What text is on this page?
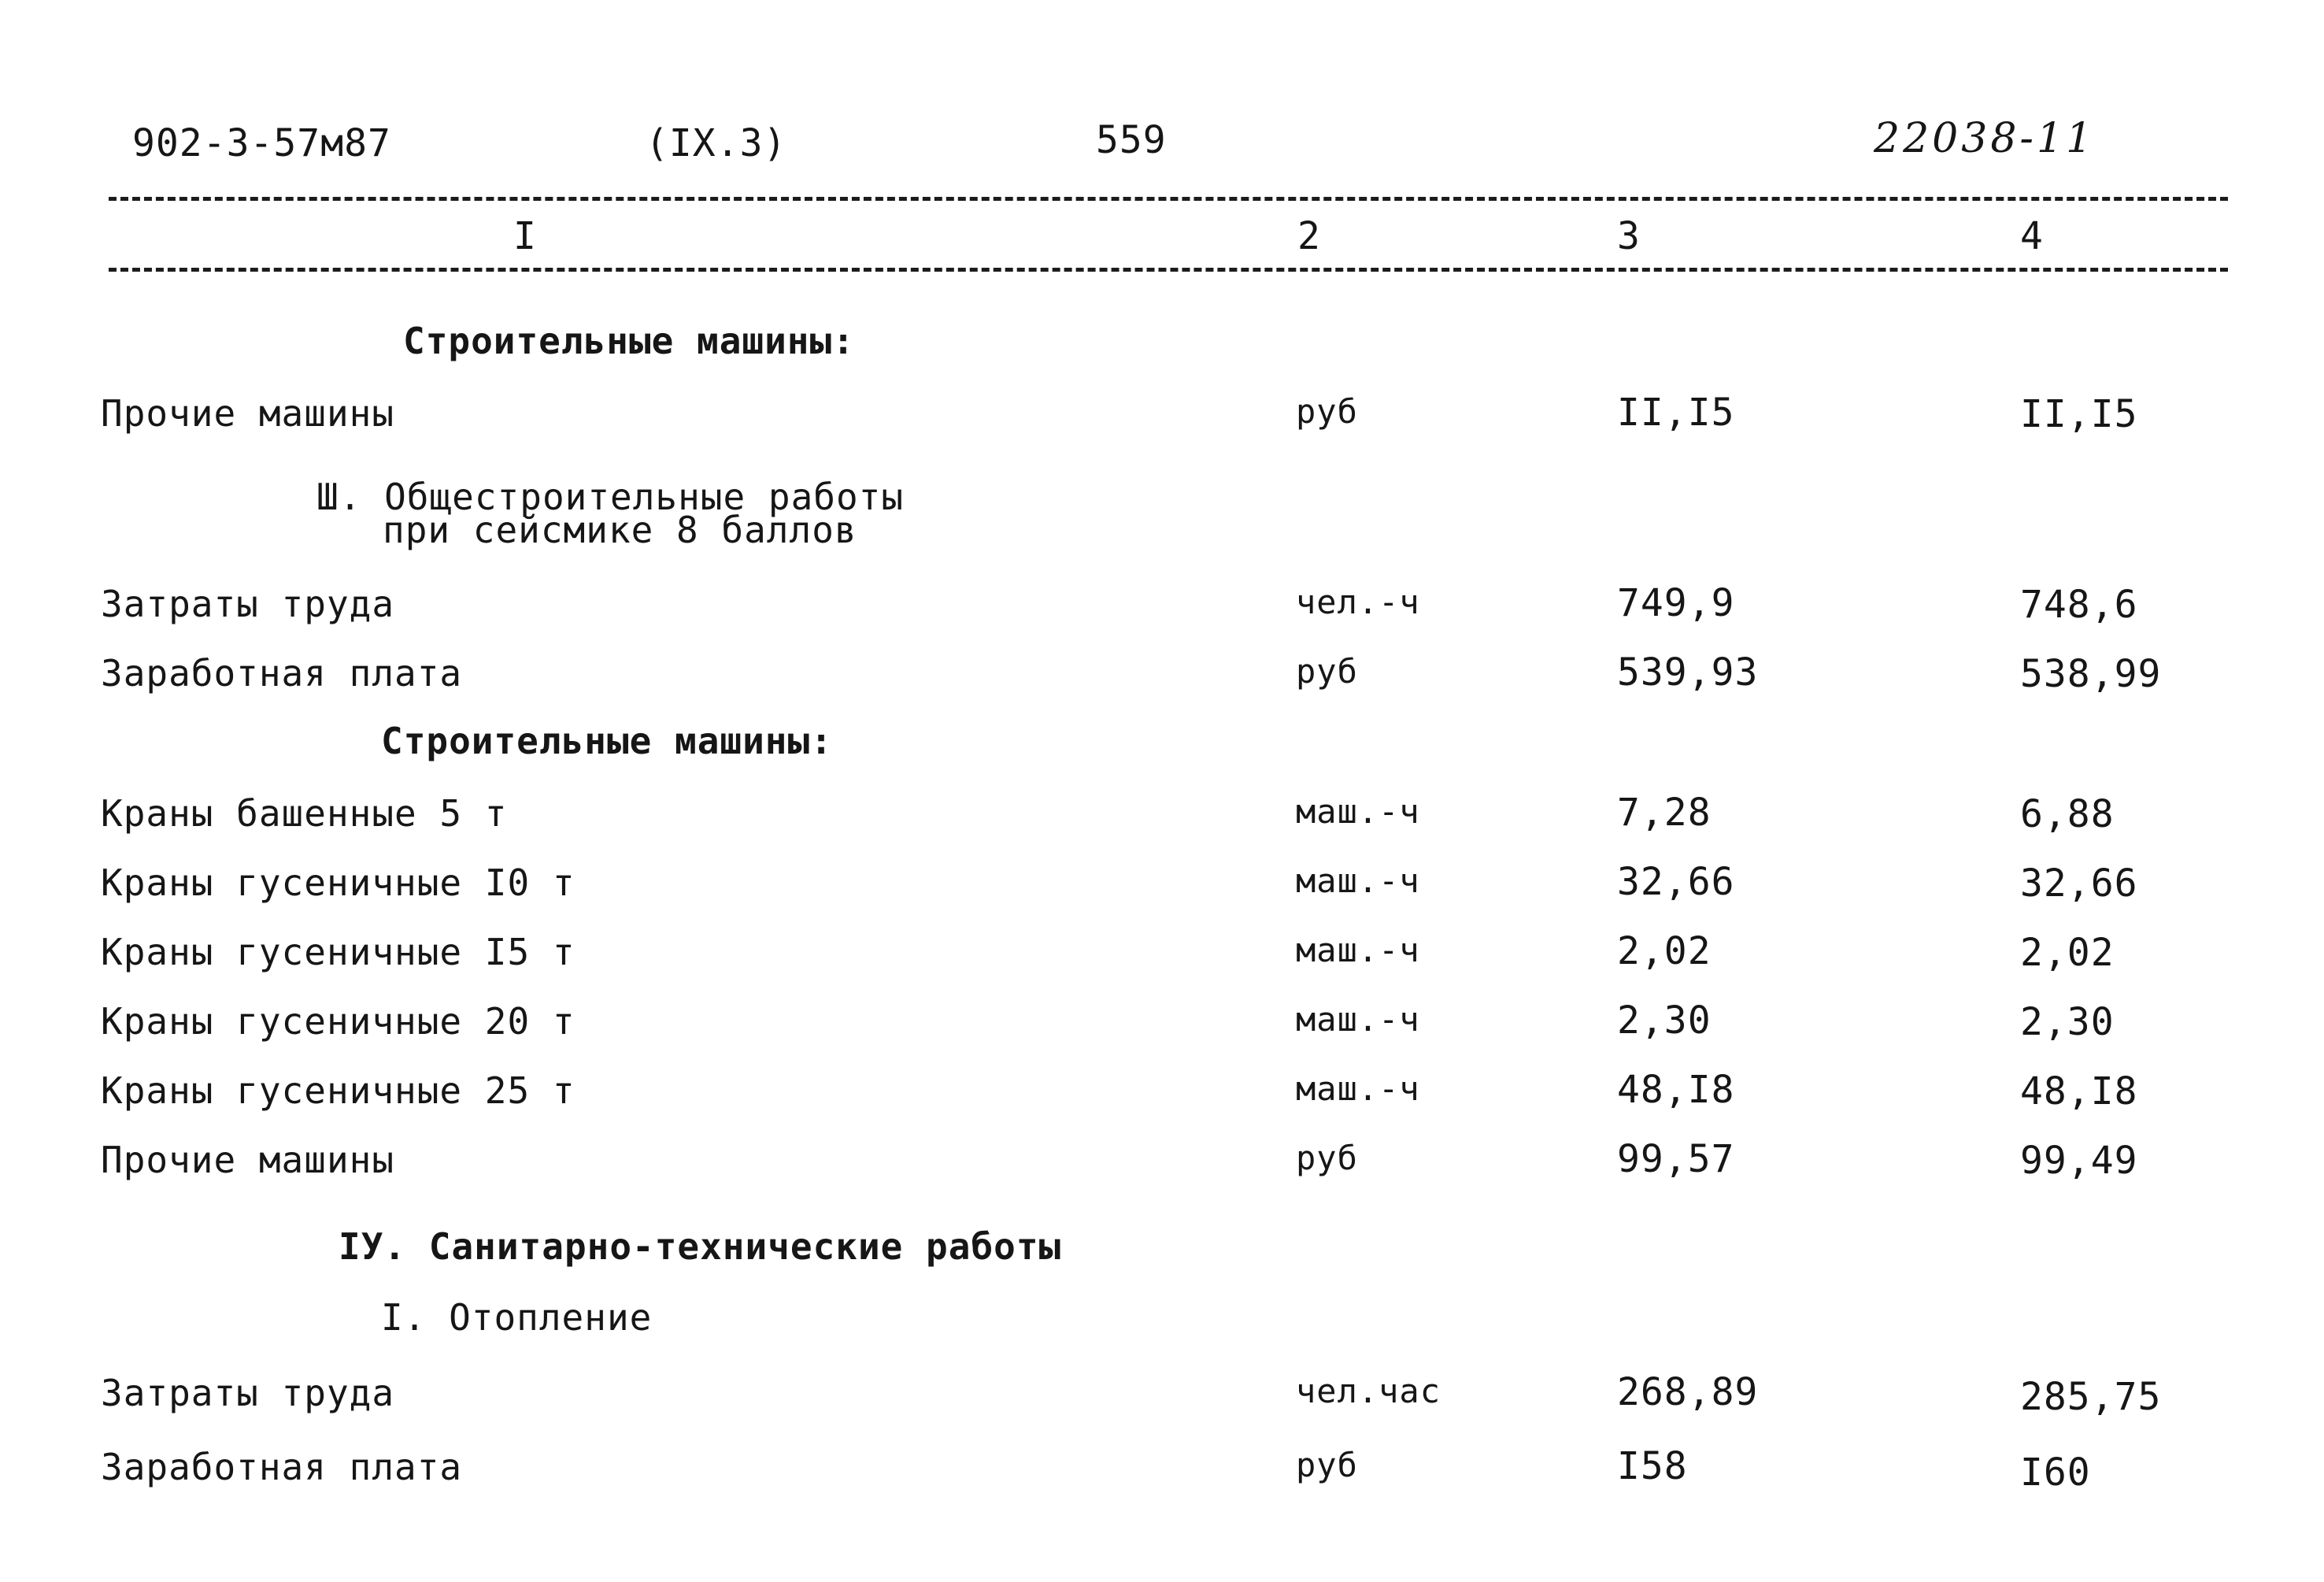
902-3-57м87	(IX.3)	559	22038-11
I	2	3	4
Строительные машины:
Прочие машины	руб	II,I5	II,I5
Ш. Общестроительные работы
при сейсмике 8 баллов
Затраты труда	чел.-ч	749,9	748,6
Заработная плата	руб	539,93	538,99
Строительные машины:
Краны башенные 5 т	маш.-ч	7,28	6,88
Краны гусеничные I0 т	маш.-ч	32,66	32,66
Краны гусеничные I5 т	маш.-ч	2,02	2,02
Краны гусеничные 20 т	маш.-ч	2,30	2,30
Краны гусеничные 25 т	маш.-ч	48,I8	48,I8
Прочие машины	руб	99,57	99,49
IУ. Санитарно-технические работы
I. Отопление
Затраты труда	чел.час	268,89	285,75
Заработная плата	руб	I58	I60
